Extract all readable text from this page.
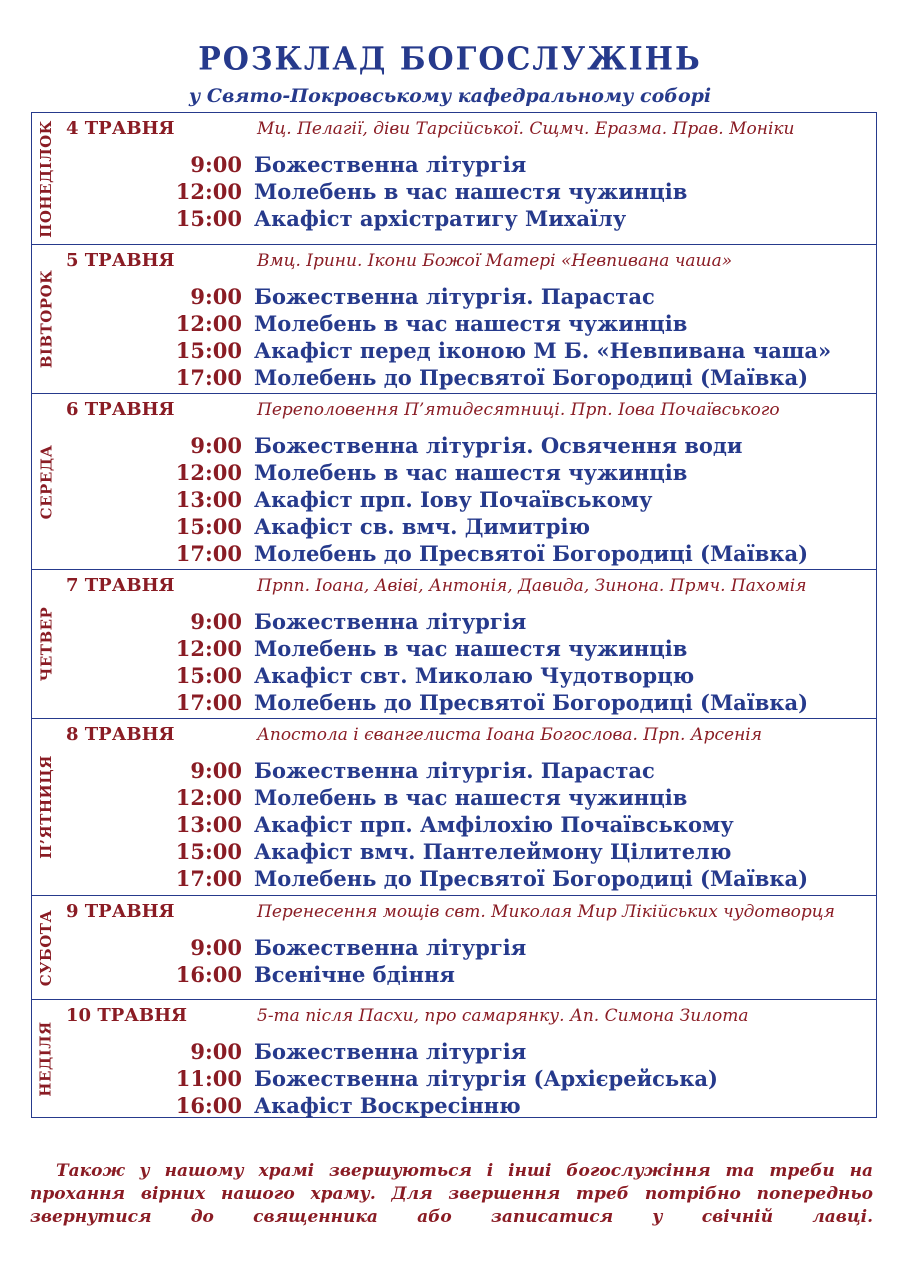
РОЗКЛАД БОГОСЛУЖІНЬ
у Свято-Покровському кафедральному соборі
ПОНЕДІЛОК 4 ТРАВНЯ	Мц. Пелагії, діви Тарсійської. Сщмч. Еразма. Прав. Моніки
9:00 Божественна літургія
12:00 Молебень в час нашестя чужинців
15:00 Акафіст архістратигу Михаїлу
ВІВТОРОК
5 ТРАВНЯ	Вмц. Ірини. Ікони Божої Матері «Невпивана чаша»
9:00 Божественна літургія. Парастас
12:00 Молебень в час нашестя чужинців
15:00 Акафіст перед іконою М Б. «Невпивана чаша»
17:00 Молебень до Пресвятої Богородиці (Маївка)
СЕРЕДА
6 ТРАВНЯ	Переполовення П’ятидесятниці. Прп. Іова Почаївського
9:00 Божественна літургія. Освячення води
12:00 Молебень в час нашестя чужинців
13:00 Акафіст прп. Іову Почаївському
15:00 Акафіст св. вмч. Димитрію
17:00 Молебень до Пресвятої Богородиці (Маївка)
ЧЕТВЕР
7 ТРАВНЯ	Прпп. Іоана, Авіві, Антонія, Давида, Зинона. Прмч. Пахомія
9:00 Божественна літургія
12:00 Молебень в час нашестя чужинців
15:00 Акафіст свт. Миколаю Чудотворцю
17:00 Молебень до Пресвятої Богородиці (Маївка)
П’ЯТНИЦЯ
8 ТРАВНЯ	Апостола і євангелиста Іоана Богослова. Прп. Арсенія
9:00 Божественна літургія. Парастас
12:00 Молебень в час нашестя чужинців
13:00 Акафіст прп. Амфілохію Почаївському
15:00 Акафіст вмч. Пантелеймону Цілителю
17:00 Молебень до Пресвятої Богородиці (Маївка)
СУБОТА 9 ТРАВНЯ	Перенесення мощів свт. Миколая Мир Лікійських чудотворця
9:00 Божественна літургія
16:00 Всенічне бдіння
НЕДІЛЯ
10 ТРАВНЯ	5-та після Пасхи, про самарянку. Ап. Симона Зилота
9:00 Божественна літургія
11:00 Божественна літургія (Архієрейська)
16:00 Акафіст Воскресінню
Також у нашому храмі звершуються і інші богослужіння та треби на прохання вірних нашого храму. Для звершення треб потрібно попередньо звернутися до священника або записатися у свічній лавці.
